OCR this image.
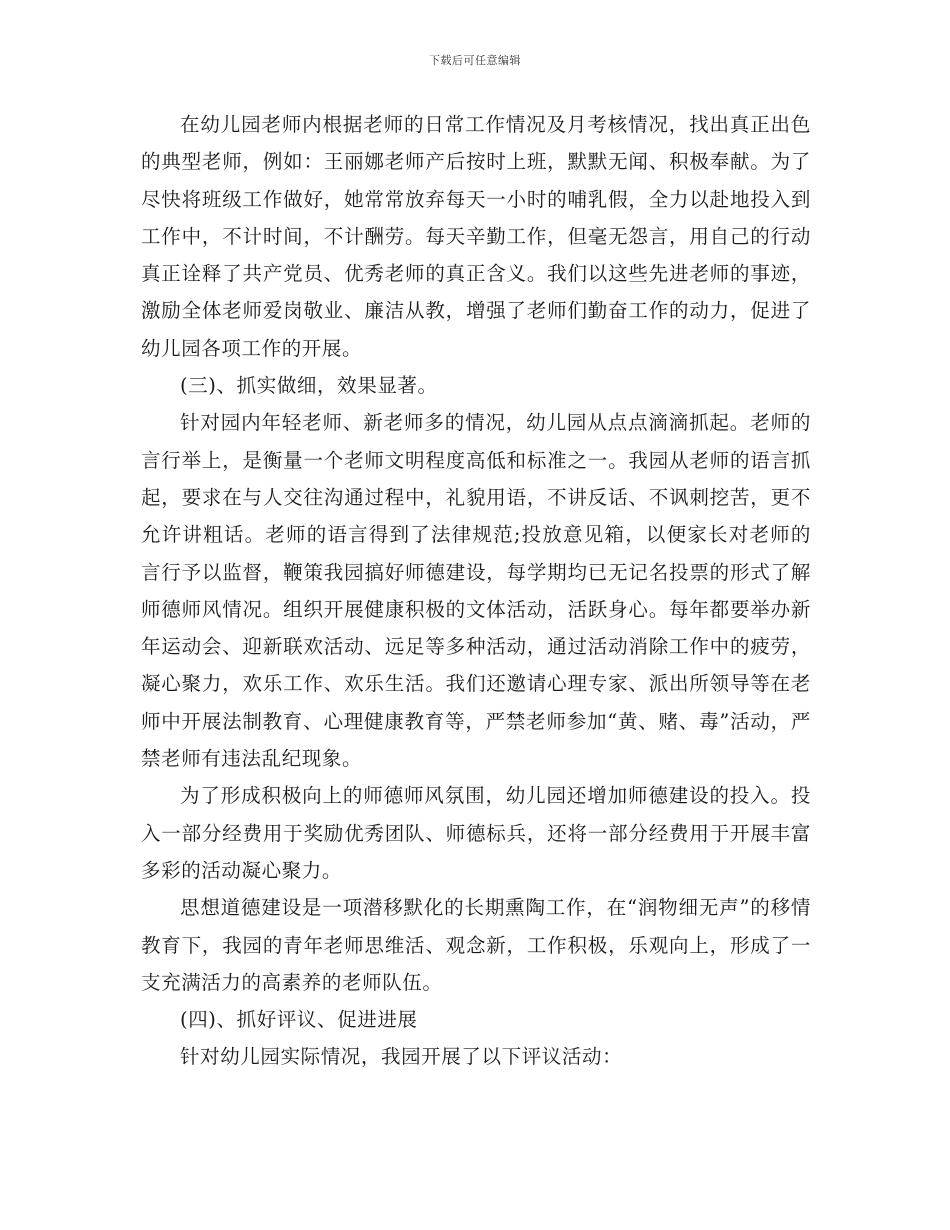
下载后可任意编辑

在幼儿园老师内根据老师的日常工作情况及月考核情况，找出真正出色的典型老师，例如：王丽娜老师产后按时上班，默默无闻、积极奉献。为了尽快将班级工作做好，她常常放弃每天一小时的哺乳假，全力以赴地投入到工作中，不计时间，不计酬劳。每天辛勤工作，但毫无怨言，用自己的行动真正诠释了共产党员、优秀老师的真正含义。我们以这些先进老师的事迹，激励全体老师爱岗敬业、廉洁从教，增强了老师们勤奋工作的动力，促进了幼儿园各项工作的开展。

(三)、抓实做细，效果显著。

针对园内年轻老师、新老师多的情况，幼儿园从点点滴滴抓起。老师的言行举上，是衡量一个老师文明程度高低和标准之一。我园从老师的语言抓起，要求在与人交往沟通过程中，礼貌用语，不讲反话、不讽刺挖苦，更不允许讲粗话。老师的语言得到了法律规范;投放意见箱，以便家长对老师的言行予以监督，鞭策我园搞好师德建设，每学期均已无记名投票的形式了解师德师风情况。组织开展健康积极的文体活动，活跃身心。每年都要举办新年运动会、迎新联欢活动、远足等多种活动，通过活动消除工作中的疲劳，凝心聚力，欢乐工作、欢乐生活。我们还邀请心理专家、派出所领导等在老师中开展法制教育、心理健康教育等，严禁老师参加“黄、赌、毒”活动，严禁老师有违法乱纪现象。

为了形成积极向上的师德师风氛围，幼儿园还增加师德建设的投入。投入一部分经费用于奖励优秀团队、师德标兵，还将一部分经费用于开展丰富多彩的活动凝心聚力。

思想道德建设是一项潜移默化的长期熏陶工作，在“润物细无声”的移情教育下，我园的青年老师思维活、观念新，工作积极，乐观向上，形成了一支充满活力的高素养的老师队伍。

(四)、抓好评议、促进进展

针对幼儿园实际情况，我园开展了以下评议活动：
